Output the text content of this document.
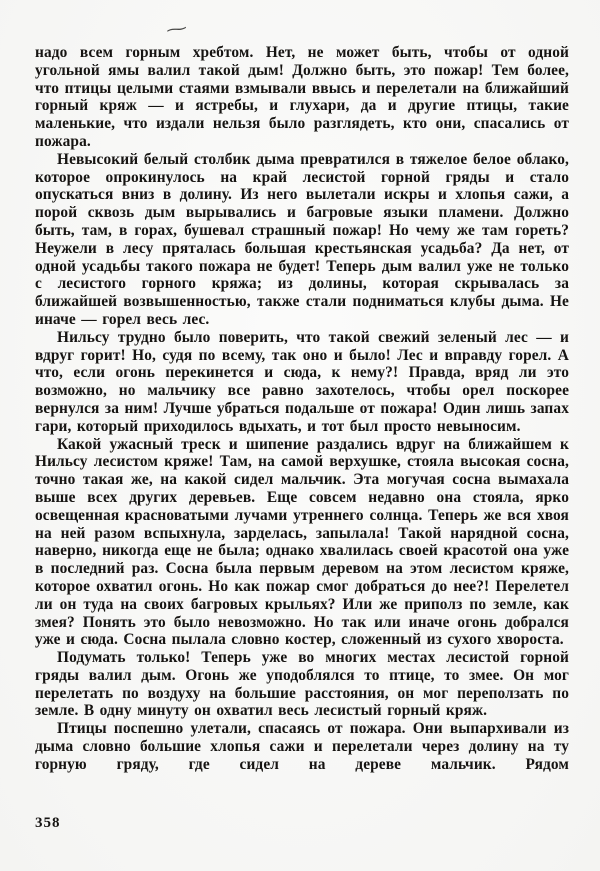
⁓

надо всем горным хребтом. Нет, не может быть, чтобы от одной угольной ямы валил такой дым! Должно быть, это пожар! Тем более, что птицы целыми стаями взмывали ввысь и перелетали на ближайший горный кряж — и ястребы, и глухари, да и другие птицы, такие маленькие, что издали нельзя было разглядеть, кто они, спасались от пожара.

Невысокий белый столбик дыма превратился в тяжелое белое облако, которое опрокинулось на край лесистой горной гряды и стало опускаться вниз в долину. Из него вылетали искры и хлопья сажи, а порой сквозь дым вырывались и багровые языки пламени. Должно быть, там, в горах, бушевал страшный пожар! Но чему же там гореть? Неужели в лесу пряталась большая крестьянская усадьба? Да нет, от одной усадьбы такого пожара не будет! Теперь дым валил уже не только с лесистого горного кряжа; из долины, которая скрывалась за ближайшей возвышенностью, также стали подниматься клубы дыма. Не иначе — горел весь лес.

Нильсу трудно было поверить, что такой свежий зеленый лес — и вдруг горит! Но, судя по всему, так оно и было! Лес и вправду горел. А что, если огонь перекинется и сюда, к нему?! Правда, вряд ли это возможно, но мальчику все равно захотелось, чтобы орел поскорее вернулся за ним! Лучше убраться подальше от пожара! Один лишь запах гари, который приходилось вдыхать, и тот был просто невыносим.

Какой ужасный треск и шипение раздались вдруг на ближайшем к Нильсу лесистом кряже! Там, на самой верхушке, стояла высокая сосна, точно такая же, на какой сидел мальчик. Эта могучая сосна вымахала выше всех других деревьев. Еще совсем недавно она стояла, ярко освещенная красноватыми лучами утреннего солнца. Теперь же вся хвоя на ней разом вспыхнула, зарделась, запылала! Такой нарядной сосна, наверно, никогда еще не была; однако хвалилась своей красотой она уже в последний раз. Сосна была первым деревом на этом лесистом кряже, которое охватил огонь. Но как пожар смог добраться до нее?! Перелетел ли он туда на своих багровых крыльях? Или же приполз по земле, как змея? Понять это было невозможно. Но так или иначе огонь добрался уже и сюда. Сосна пылала словно костер, сложенный из сухого хвороста.

Подумать только! Теперь уже во многих местах лесистой горной гряды валил дым. Огонь же уподоблялся то птице, то змее. Он мог перелетать по воздуху на большие расстояния, он мог переползать по земле. В одну минуту он охватил весь лесистый горный кряж.

Птицы поспешно улетали, спасаясь от пожара. Они выпархивали из дыма словно большие хлопья сажи и перелетали через долину на ту горную гряду, где сидел на дереве мальчик. Рядом

358
